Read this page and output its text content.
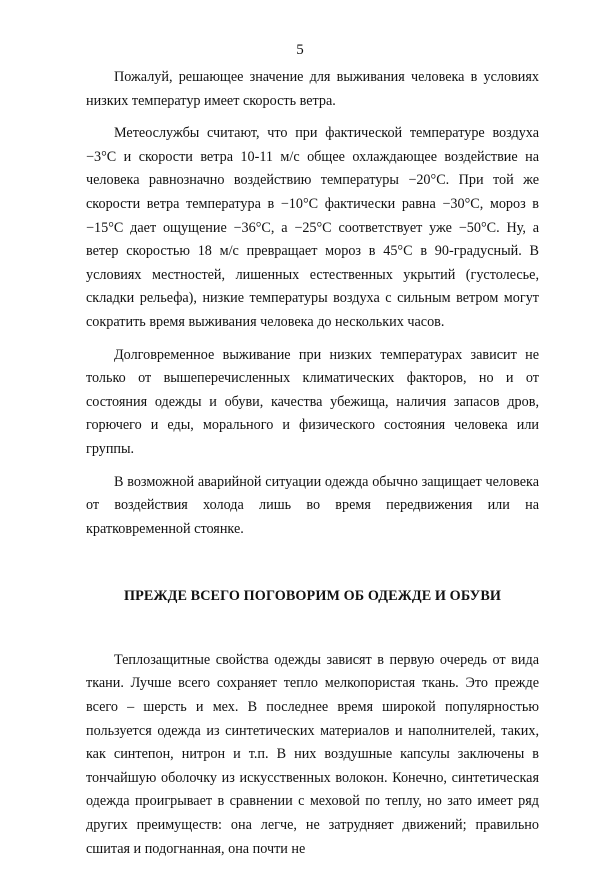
5

Пожалуй, решающее значение для выживания человека в условиях низких температур имеет скорость ветра.

Метеослужбы считают, что при фактической температуре воздуха −3°С и скорости ветра 10-11 м/с общее охлаждающее воздействие на человека равнозначно воздействию температуры −20°С. При той же скорости ветра температура в −10°С фактически равна −30°С, мороз в −15°С дает ощущение −36°С, а −25°С соответствует уже −50°С. Ну, а ветер скоростью 18 м/с превращает мороз в 45°С в 90-градусный. В условиях местностей, лишенных естественных укрытий (густолесье, складки рельефа), низкие температуры воздуха с сильным ветром могут сократить время выживания человека до нескольких часов.

Долговременное выживание при низких температурах зависит не только от вышеперечисленных климатических факторов, но и от состояния одежды и обуви, качества убежища, наличия запасов дров, горючего и еды, морального и физического состояния человека или группы.

В возможной аварийной ситуации одежда обычно защищает человека от воздействия холода лишь во время передвижения или на кратковременной стоянке.

ПРЕЖДЕ ВСЕГО ПОГОВОРИМ ОБ ОДЕЖДЕ И ОБУВИ

Теплозащитные свойства одежды зависят в первую очередь от вида ткани. Лучше всего сохраняет тепло мелкопористая ткань. Это прежде всего – шерсть и мех. В последнее время широкой популярностью пользуется одежда из синтетических материалов и наполнителей, таких, как синтепон, нитрон и т.п. В них воздушные капсулы заключены в тончайшую оболочку из искусственных волокон. Конечно, синтетическая одежда проигрывает в сравнении с меховой по теплу, но зато имеет ряд других преимуществ: она легче, не затрудняет движений; правильно сшитая и подогнанная, она почти не
